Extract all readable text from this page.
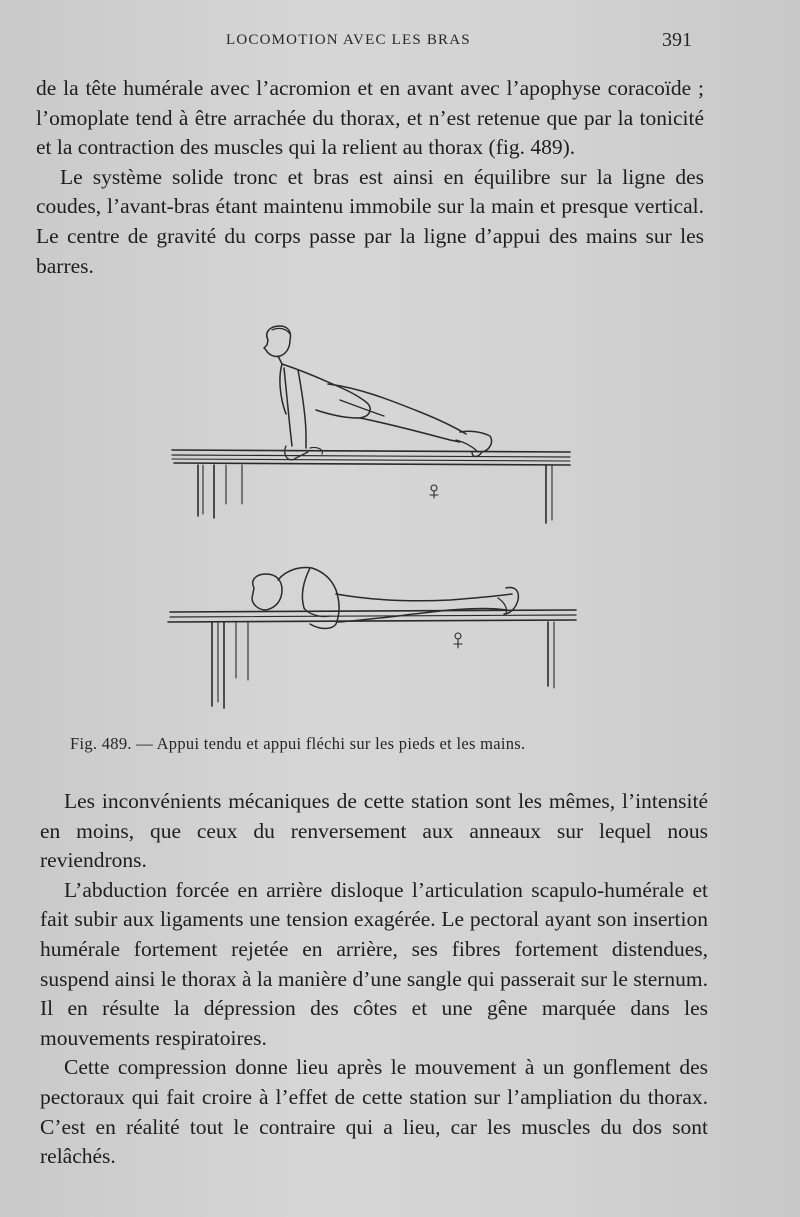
LOCOMOTION AVEC LES BRAS	391

de la tête humérale avec l’acromion et en avant avec l’apophyse coracoïde ; l’omoplate tend à être arrachée du thorax, et n’est retenue que par la tonicité et la contraction des muscles qui la relient au thorax (fig. 489).

Le système solide tronc et bras est ainsi en équilibre sur la ligne des coudes, l’avant-bras étant maintenu immobile sur la main et presque vertical. Le centre de gravité du corps passe par la ligne d’appui des mains sur les barres.

Fig. 489. — Appui tendu et appui fléchi sur les pieds et les mains.

Les inconvénients mécaniques de cette station sont les mêmes, l’intensité en moins, que ceux du renversement aux anneaux sur lequel nous reviendrons.

L’abduction forcée en arrière disloque l’articulation scapulo-humérale et fait subir aux ligaments une tension exagérée. Le pectoral ayant son insertion humérale fortement rejetée en arrière, ses fibres fortement distendues, suspend ainsi le thorax à la manière d’une sangle qui passerait sur le sternum. Il en résulte la dépression des côtes et une gêne marquée dans les mouvements respiratoires.

Cette compression donne lieu après le mouvement à un gonflement des pectoraux qui fait croire à l’effet de cette station sur l’ampliation du thorax. C’est en réalité tout le contraire qui a lieu, car les muscles du dos sont relâchés.
